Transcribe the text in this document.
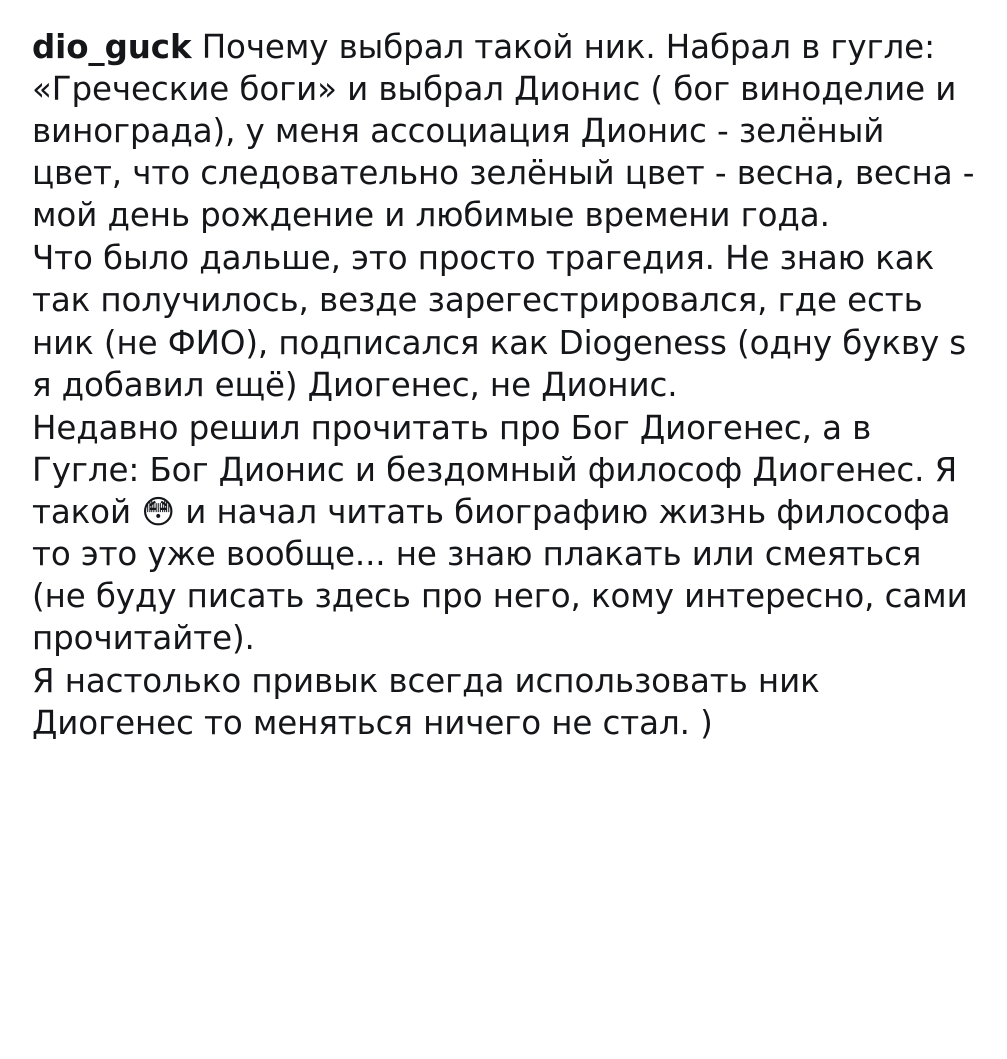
dio_guck Почему выбрал такой ник. Набрал в гугле: «Греческие боги» и выбрал Дионис ( бог виноделие и винограда), у меня ассоциация Дионис - зелёный цвет, что следовательно зелёный цвет - весна, весна - мой день рождение и любимые времени года.

Что было дальше, это просто трагедия. Не знаю как так получилось, везде зарегестрировался, где есть ник (не ФИО), подписался как Diogeness (одну букву s я добавил ещё) Диогенес, не Дионис.

Недавно решил прочитать про Бог Диогенес, а в Гугле: Бог Дионис и бездомный философ Диогенес. Я такой 😳 и начал читать биографию жизнь философа то это уже вообще... не знаю плакать или смеяться (не буду писать здесь про него, кому интересно, сами прочитайте).

Я настолько привык всегда использовать ник Диогенес то меняться ничего не стал. )
